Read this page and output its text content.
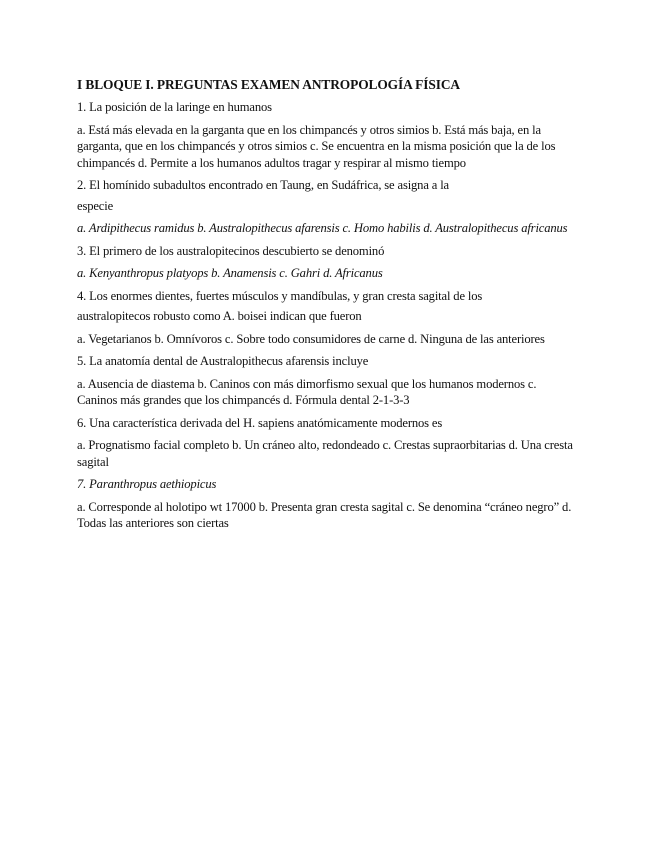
I BLOQUE I. PREGUNTAS EXAMEN ANTROPOLOGÍA FÍSICA
1. La posición de la laringe en humanos
a. Está más elevada en la garganta que en los chimpancés y otros simios b. Está más baja, en la garganta, que en los chimpancés y otros simios c. Se encuentra en la misma posición que la de los chimpancés d. Permite a los humanos adultos tragar y respirar al mismo tiempo
2. El homínido subadultos encontrado en Taung, en Sudáfrica, se asigna a la
especie
a. Ardipithecus ramidus b. Australopithecus afarensis c. Homo habilis d. Australopithecus africanus
3. El primero de los australopitecinos descubierto se denominó
a. Kenyanthropus platyops b. Anamensis c. Gahri d. Africanus
4. Los enormes dientes, fuertes músculos y mandíbulas, y gran cresta sagital de los
australopitecos robusto como A. boisei indican que fueron
a. Vegetarianos b. Omnívoros c. Sobre todo consumidores de carne d. Ninguna de las anteriores
5. La anatomía dental de Australopithecus afarensis incluye
a. Ausencia de diastema b. Caninos con más dimorfismo sexual que los humanos modernos c. Caninos más grandes que los chimpancés d. Fórmula dental 2-1-3-3
6. Una característica derivada del H. sapiens anatómicamente modernos es
a. Prognatismo facial completo b. Un cráneo alto, redondeado c. Crestas supraorbitarias d. Una cresta sagital
7. Paranthropus aethiopicus
a. Corresponde al holotipo wt 17000 b. Presenta gran cresta sagital c. Se denomina “cráneo negro” d. Todas las anteriores son ciertas
